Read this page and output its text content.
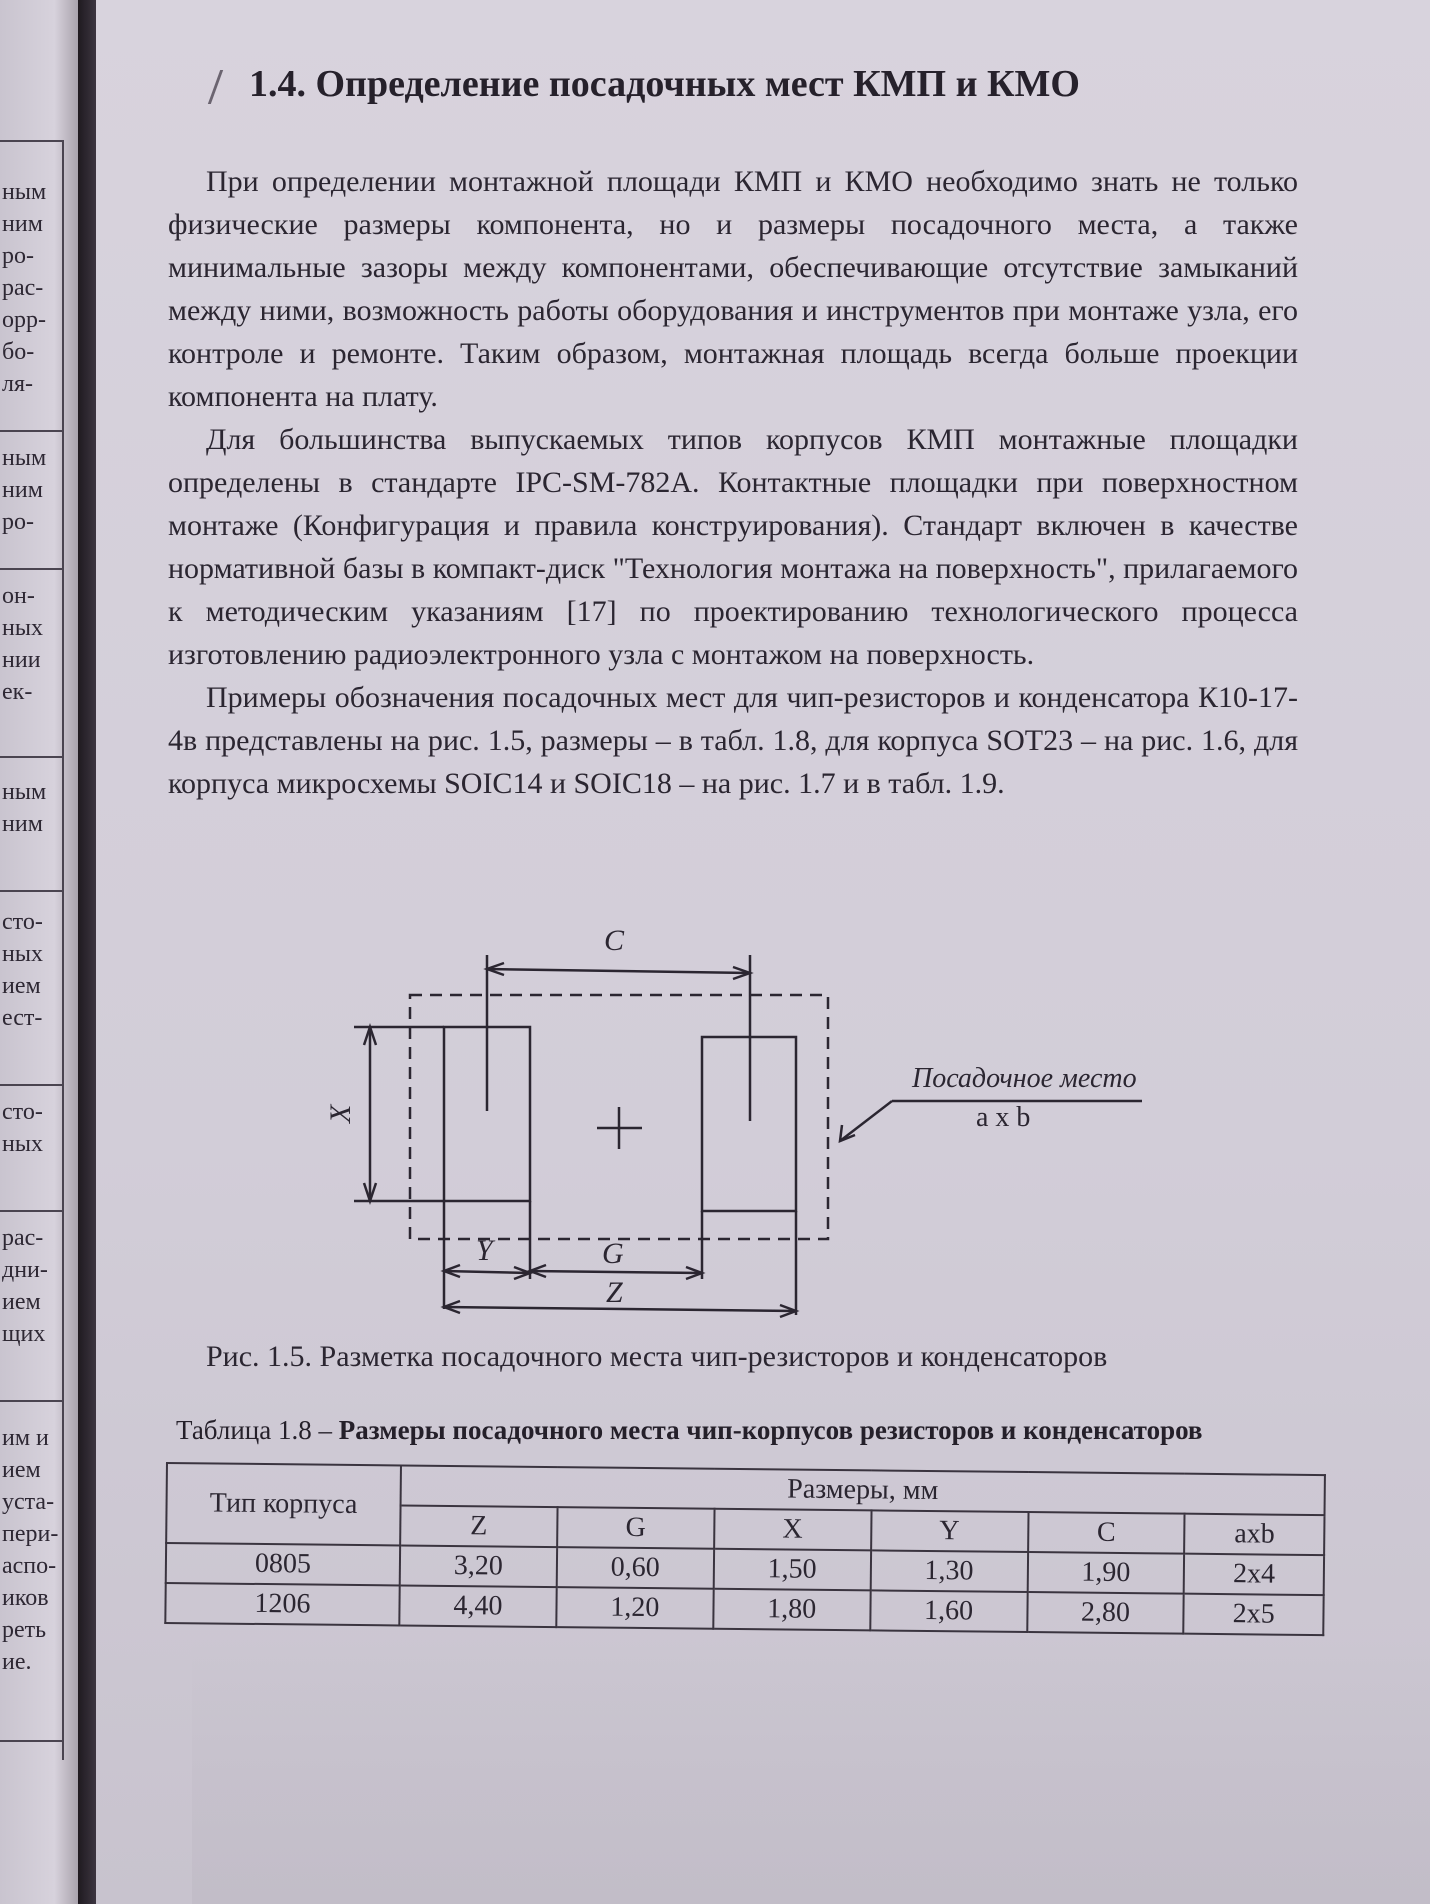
ным
ним
ро-
рас-
орр-
бо-
ля-
ным
ним
ро-
он-
ных
нии
ек-
ным
ним
сто-
ных
ием
ест-
сто-
ных
рас-
дни-
ием
щих
им и
ием
уста-
пери-
аспо-
иков
реть
ие.
1.4. Определение посадочных мест КМП и КМО

При определении монтажной площади КМП и КМО необходимо знать не только физические размеры компонента, но и размеры посадочного места, а также минимальные зазоры между компонентами, обеспечивающие отсутствие замыканий между ними, возможность работы оборудования и инструментов при монтаже узла, его контроле и ремонте. Таким образом, монтажная площадь всегда больше проекции компонента на плату.

Для большинства выпускаемых типов корпусов КМП монтажные площадки определены в стандарте IPC-SM-782A. Контактные площадки при поверхностном монтаже (Конфигурация и правила конструирования). Стандарт включен в качестве нормативной базы в компакт-диск "Технология монтажа на поверхность", прилагаемого к методическим указаниям [17] по проектированию технологического процесса изготовлению радиоэлектронного узла с монтажом на поверхность.

Примеры обозначения посадочных мест для чип-резисторов и конденсатора К10-17-4в представлены на рис. 1.5, размеры – в табл. 1.8, для корпуса SOT23 – на рис. 1.6, для корпуса микросхемы SOIC14 и SOIC18 – на рис. 1.7 и в табл. 1.9.

C
X
Y	G
Z
Посадочное место
a x b
Рис. 1.5. Разметка посадочного места чип-резисторов и конденсаторов
Таблица 1.8 – Размеры посадочного места чип-корпусов резисторов и конденсаторов
Тип корпуса	Размеры, мм					
	Z	G	X	Y	C	axb
0805	3,20	0,60	1,50	1,30	1,90	2x4
1206	4,40	1,20	1,80	1,60	2,80	2x5
